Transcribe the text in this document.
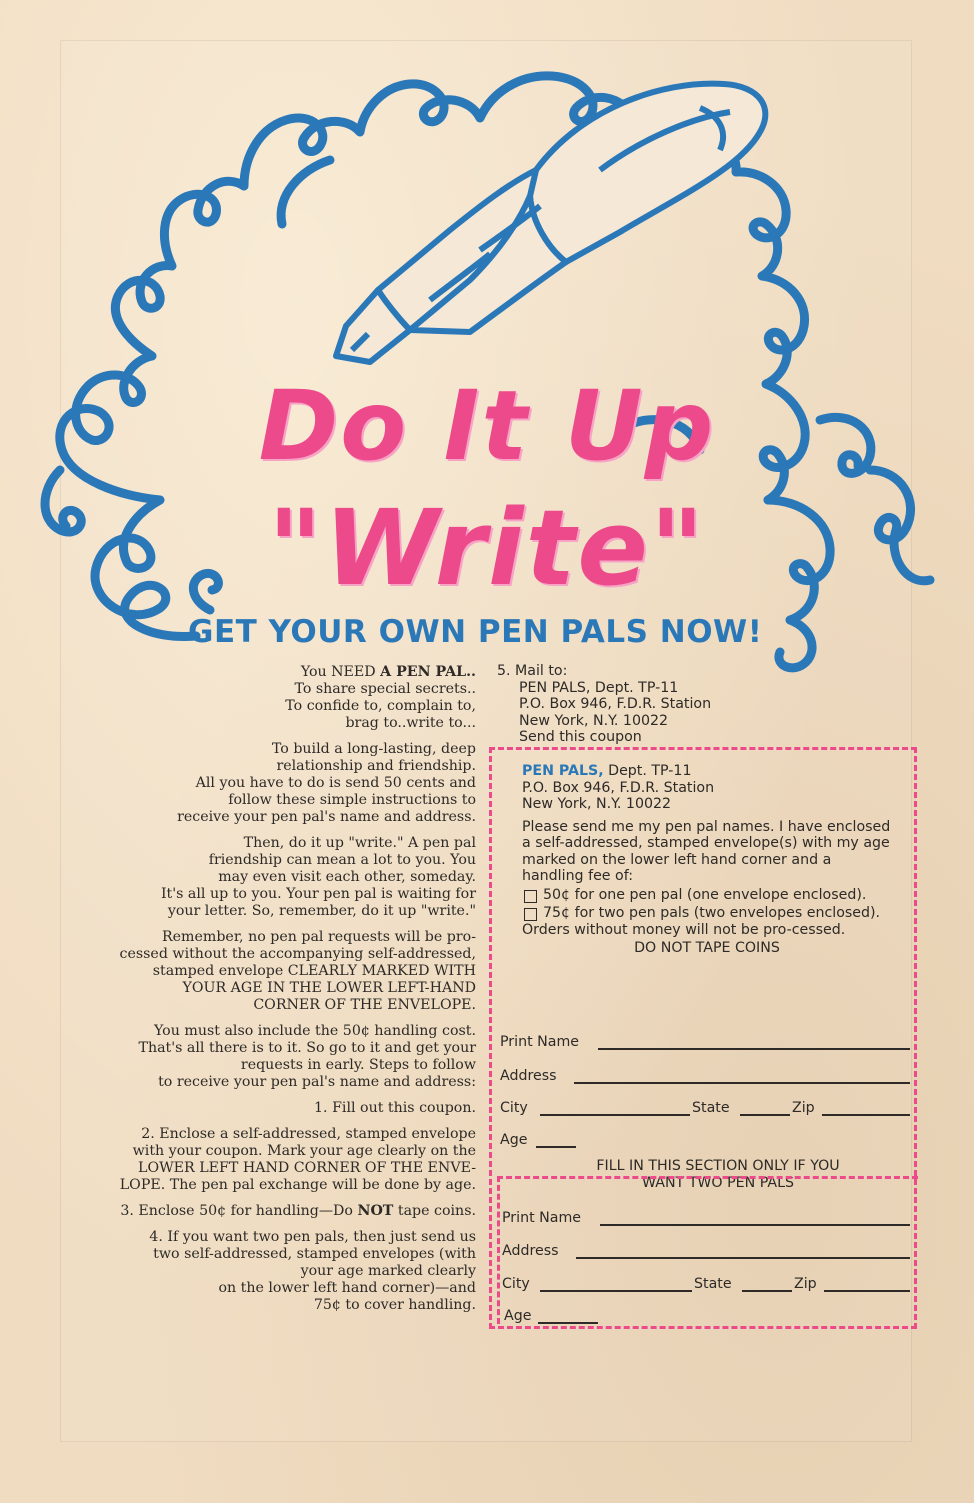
Do It Up
"Write"
GET YOUR OWN PEN PALS NOW!

You NEED A PEN PAL..
To share special secrets..
To confide to, complain to,
brag to..write to...

To build a long-lasting, deep
relationship and friendship.
All you have to do is send 50 cents and
follow these simple instructions to
receive your pen pal's name and address.

Then, do it up "write." A pen pal
friendship can mean a lot to you. You
may even visit each other, someday.
It's all up to you. Your pen pal is waiting for
your letter. So, remember, do it up "write."

Remember, no pen pal requests will be pro-
cessed without the accompanying self-addressed,
stamped envelope CLEARLY MARKED WITH
YOUR AGE IN THE LOWER LEFT-HAND
CORNER OF THE ENVELOPE.

You must also include the 50¢ handling cost.
That's all there is to it. So go to it and get your
requests in early. Steps to follow
to receive your pen pal's name and address:

1. Fill out this coupon.

2. Enclose a self-addressed, stamped envelope
with your coupon. Mark your age clearly on the
LOWER LEFT HAND CORNER OF THE ENVE-
LOPE. The pen pal exchange will be done by age.

3. Enclose 50¢ for handling—Do NOT tape coins.

4. If you want two pen pals, then just send us
two self-addressed, stamped envelopes (with
your age marked clearly
on the lower left hand corner)—and
75¢ to cover handling.

5. Mail to:
PEN PALS, Dept. TP-11
P.O. Box 946, F.D.R. Station
New York, N.Y. 10022
Send this coupon
PEN PALS, Dept. TP-11
P.O. Box 946, F.D.R. Station
New York, N.Y. 10022
Please send me my pen pal names. I have enclosed a self-addressed, stamped envelope(s) with my age marked on the lower left hand corner and a handling fee of:
50¢ for one pen pal (one envelope enclosed).
75¢ for two pen pals (two envelopes enclosed).
Orders without money will not be pro-cessed.
DO NOT TAPE COINS
Print Name
Address
City	State	Zip
Age
FILL IN THIS SECTION ONLY IF YOU
WANT TWO PEN PALS
Print Name
Address
City	State	Zip
Age
